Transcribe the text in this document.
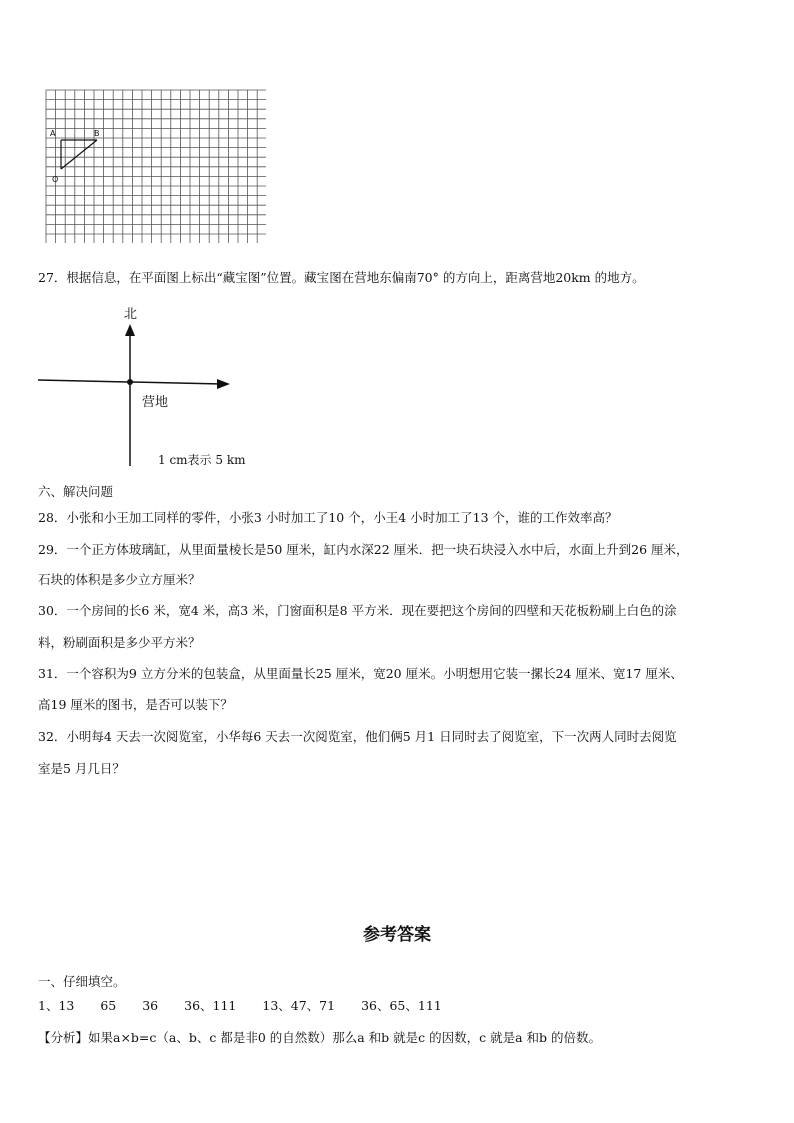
A	B
O
27．根据信息，在平面图上标出“藏宝图”位置。藏宝图在营地东偏南70° 的方向上，距离营地20km 的地方。
北
营地
1 cm表示 5 km
六、解决问题
28．小张和小王加工同样的零件，小张3 小时加工了10 个，小王4 小时加工了13 个，谁的工作效率高？
29．一个正方体玻璃缸，从里面量棱长是50 厘米，缸内水深22 厘米．把一块石块浸入水中后，水面上升到26 厘米，
石块的体积是多少立方厘米？
30．一个房间的长6 米，宽4 米，高3 米，门窗面积是8 平方米．现在要把这个房间的四壁和天花板粉刷上白色的涂
料，粉刷面积是多少平方米？
31．一个容积为9 立方分米的包装盒，从里面量长25 厘米，宽20 厘米。小明想用它装一摞长24 厘米、宽17 厘米、
高19 厘米的图书，是否可以装下？
32．小明每4 天去一次阅览室，小华每6 天去一次阅览室，他们俩5 月1 日同时去了阅览室，下一次两人同时去阅览
室是5 月几日？
参考答案
一、仔细填空。
1、13 65 36 36、111 13、47、71 36、65、111
【分析】如果a×b=c（a、b、c 都是非0 的自然数）那么a 和b 就是c 的因数，c 就是a 和b 的倍数。
